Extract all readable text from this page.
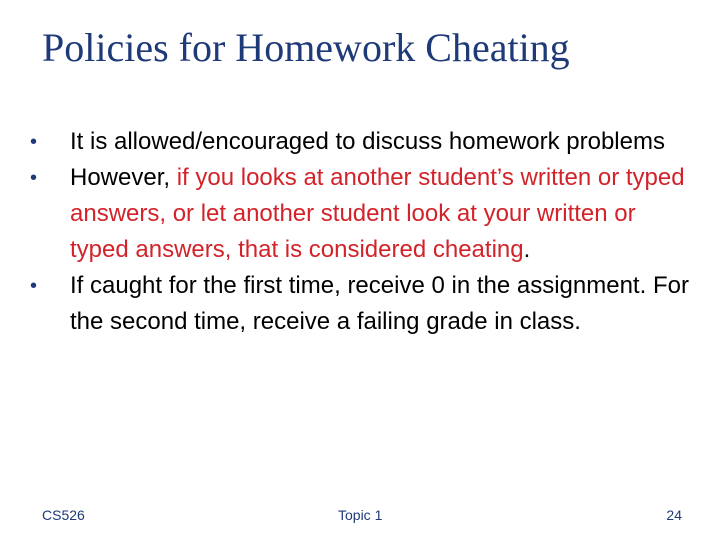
Policies for Homework Cheating
• It is allowed/encouraged to discuss homework problems
• However, if you looks at another student’s written or typed answers, or let another student look at your written or typed answers, that is considered cheating.
• If caught for the first time, receive 0 in the assignment. For the second time, receive a failing grade in class.
CS526	Topic 1	24
